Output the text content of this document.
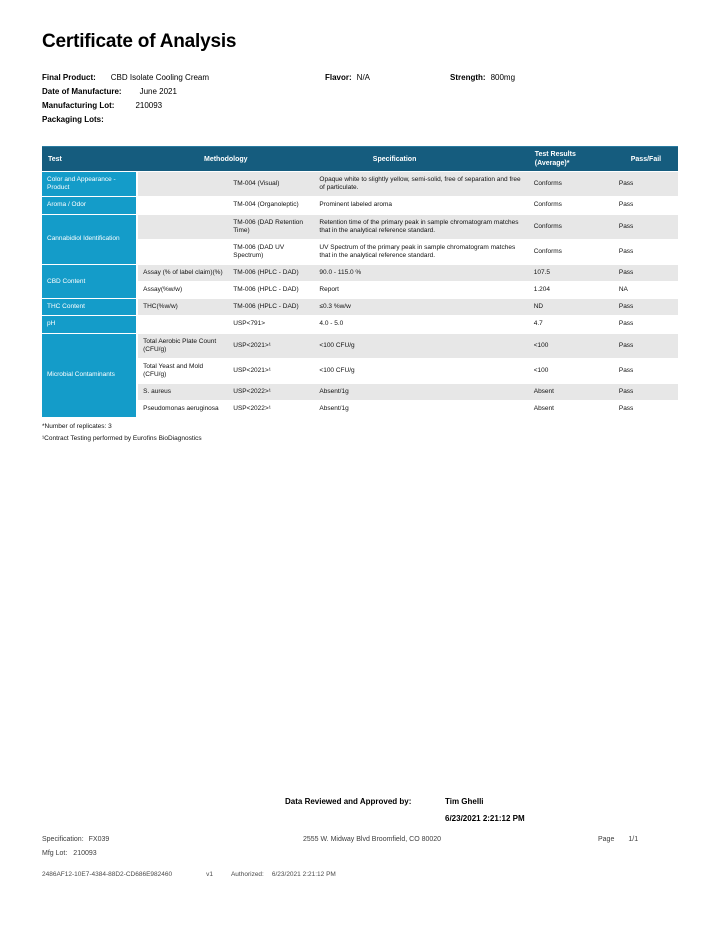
Certificate of Analysis
Final Product: CBD Isolate Cooling Cream	Flavor: N/A	Strength: 800mg
Date of Manufacture: June 2021
Manufacturing Lot:	210093
Packaging Lots:
Test	Methodology		Specification	Test Results (Average)*	Pass/Fail
Color and Appearance - Product		TM-004 (Visual)	Opaque white to slightly yellow, semi-solid, free of separation and free of particulate.	Conforms	Pass
Aroma / Odor		TM-004 (Organoleptic)	Prominent labeled aroma	Conforms	Pass
Cannabidiol Identification		TM-006 (DAD Retention Time)	Retention time of the primary peak in sample chromatogram matches that in the analytical reference standard.	Conforms	Pass
		TM-006 (DAD UV Spectrum)	UV Spectrum of the primary peak in sample chromatogram matches that in the analytical reference standard.	Conforms	Pass
CBD Content	Assay (% of label claim)(%)	TM-006 (HPLC - DAD)	90.0 - 115.0 %	107.5	Pass
	Assay(%w/w)	TM-006 (HPLC - DAD)	Report	1.204	NA
THC Content	THC(%w/w)	TM-006 (HPLC - DAD)	≤0.3 %w/w	ND	Pass
pH		USP<791>	4.0 - 5.0	4.7	Pass
Microbial Contaminants	Total Aerobic Plate Count (CFU/g)	USP<2021>¹	<100 CFU/g	<100	Pass
	Total Yeast and Mold (CFU/g)	USP<2021>¹	<100 CFU/g	<100	Pass
	S. aureus	USP<2022>¹	Absent/1g	Absent	Pass
	Pseudomonas aeruginosa	USP<2022>¹	Absent/1g	Absent	Pass
*Number of replicates: 3
¹Contract Testing performed by Eurofins BioDiagnostics
Data Reviewed and Approved by:	Tim Ghelli
6/23/2021 2:21:12 PM
Specification: FX039	2555 W. Midway Blvd Broomfield, CO 80020	Page 1/1
Mfg Lot: 210093
2486AF12-10E7-4384-88D2-CD686E982460	v1	Authorized: 6/23/2021 2:21:12 PM
